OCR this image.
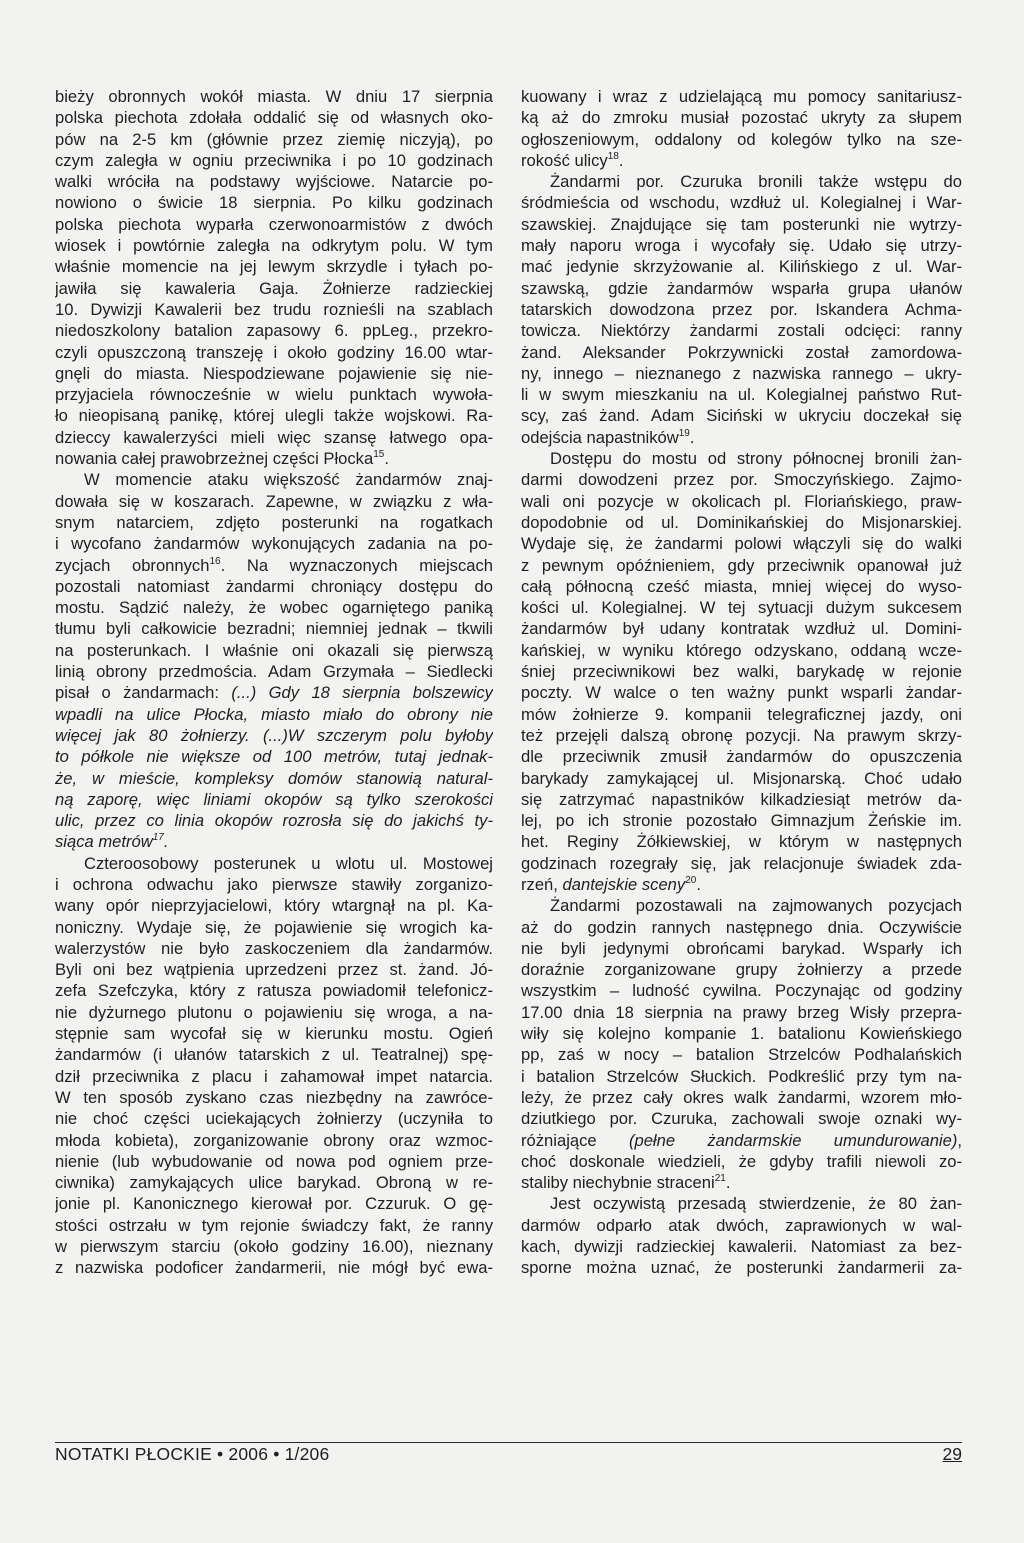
bieży obronnych wokół miasta. W dniu 17 sierpnia
polska piechota zdołała oddalić się od własnych oko-
pów na 2-5 km (głównie przez ziemię niczyją), po
czym zaległa w ogniu przeciwnika i po 10 godzinach
walki wróciła na podstawy wyjściowe. Natarcie po-
nowiono o świcie 18 sierpnia. Po kilku godzinach
polska piechota wyparła czerwonoarmistów z dwóch
wiosek i powtórnie zaległa na odkrytym polu. W tym
właśnie momencie na jej lewym skrzydle i tyłach po-
jawiła się kawaleria Gaja. Żołnierze radzieckiej
10. Dywizji Kawalerii bez trudu roznieśli na szablach
niedoszkolony batalion zapasowy 6. ppLeg., przekro-
czyli opuszczoną transzeję i około godziny 16.00 wtar-
gnęli do miasta. Niespodziewane pojawienie się nie-
przyjaciela równocześnie w wielu punktach wywoła-
ło nieopisaną panikę, której ulegli także wojskowi. Ra-
dzieccy kawalerzyści mieli więc szansę łatwego opa-
nowania całej prawobrzeżnej części Płocka$^{15}$.
W momencie ataku większość żandarmów znaj-
dowała się w koszarach. Zapewne, w związku z wła-
snym natarciem, zdjęto posterunki na rogatkach
i wycofano żandarmów wykonujących zadania na po-
zycjach obronnych$^{16}$. Na wyznaczonych miejscach
pozostali natomiast żandarmi chroniący dostępu do
mostu. Sądzić należy, że wobec ogarniętego paniką
tłumu byli całkowicie bezradni; niemniej jednak – tkwili
na posterunkach. I właśnie oni okazali się pierwszą
linią obrony przedmościa. Adam Grzymała – Siedlecki
pisał o żandarmach: (...) Gdy 18 sierpnia bolszewicy
wpadli na ulice Płocka, miasto miało do obrony nie
więcej jak 80 żołnierzy. (...)W szczerym polu byłoby
to półkole nie większe od 100 metrów, tutaj jednak-
że, w mieście, kompleksy domów stanowią natural-
ną zaporę, więc liniami okopów są tylko szerokości
ulic, przez co linia okopów rozrosła się do jakichś ty-
siąca metrów$^{17}$.
Czteroosobowy posterunek u wlotu ul. Mostowej
i ochrona odwachu jako pierwsze stawiły zorganizo-
wany opór nieprzyjacielowi, który wtargnął na pl. Ka-
noniczny. Wydaje się, że pojawienie się wrogich ka-
walerzystów nie było zaskoczeniem dla żandarmów.
Byli oni bez wątpienia uprzedzeni przez st. żand. Jó-
zefa Szefczyka, który z ratusza powiadomił telefonicz-
nie dyżurnego plutonu o pojawieniu się wroga, a na-
stępnie sam wycofał się w kierunku mostu. Ogień
żandarmów (i ułanów tatarskich z ul. Teatralnej) spę-
dził przeciwnika z placu i zahamował impet natarcia.
W ten sposób zyskano czas niezbędny na zawróce-
nie choć części uciekających żołnierzy (uczyniła to
młoda kobieta), zorganizowanie obrony oraz wzmoc-
nienie (lub wybudowanie od nowa pod ogniem prze-
ciwnika) zamykających ulice barykad. Obroną w re-
jonie pl. Kanonicznego kierował por. Czzuruk. O gę-
stości ostrzału w tym rejonie świadczy fakt, że ranny
w pierwszym starciu (około godziny 16.00), nieznany
z nazwiska podoficer żandarmerii, nie mógł być ewa-
kuowany i wraz z udzielającą mu pomocy sanitariusz-
ką aż do zmroku musiał pozostać ukryty za słupem
ogłoszeniowym, oddalony od kolegów tylko na sze-
rokość ulicy$^{18}$.
Żandarmi por. Czuruka bronili także wstępu do
śródmieścia od wschodu, wzdłuż ul. Kolegialnej i War-
szawskiej. Znajdujące się tam posterunki nie wytrzy-
mały naporu wroga i wycofały się. Udało się utrzy-
mać jedynie skrzyżowanie al. Kilińskiego z ul. War-
szawską, gdzie żandarmów wsparła grupa ułanów
tatarskich dowodzona przez por. Iskandera Achma-
towicza. Niektórzy żandarmi zostali odcięci: ranny
żand. Aleksander Pokrzywnicki został zamordowa-
ny, innego – nieznanego z nazwiska rannego – ukry-
li w swym mieszkaniu na ul. Kolegialnej państwo Rut-
scy, zaś żand. Adam Siciński w ukryciu doczekał się
odejścia napastników$^{19}$.
Dostępu do mostu od strony północnej bronili żan-
darmi dowodzeni przez por. Smoczyńskiego. Zajmo-
wali oni pozycje w okolicach pl. Floriańskiego, praw-
dopodobnie od ul. Dominikańskiej do Misjonarskiej.
Wydaje się, że żandarmi polowi włączyli się do walki
z pewnym opóźnieniem, gdy przeciwnik opanował już
całą północną cześć miasta, mniej więcej do wyso-
kości ul. Kolegialnej. W tej sytuacji dużym sukcesem
żandarmów był udany kontratak wzdłuż ul. Domini-
kańskiej, w wyniku którego odzyskano, oddaną wcze-
śniej przeciwnikowi bez walki, barykadę w rejonie
poczty. W walce o ten ważny punkt wsparli żandar-
mów żołnierze 9. kompanii telegraficznej jazdy, oni
też przejęli dalszą obronę pozycji. Na prawym skrzy-
dle przeciwnik zmusił żandarmów do opuszczenia
barykady zamykającej ul. Misjonarską. Choć udało
się zatrzymać napastników kilkadziesiąt metrów da-
lej, po ich stronie pozostało Gimnazjum Żeńskie im.
het. Reginy Żółkiewskiej, w którym w następnych
godzinach rozegrały się, jak relacjonuje świadek zda-
rzeń, dantejskie sceny$^{20}$.
Żandarmi pozostawali na zajmowanych pozycjach
aż do godzin rannych następnego dnia. Oczywiście
nie byli jedynymi obrońcami barykad. Wsparły ich
doraźnie zorganizowane grupy żołnierzy a przede
wszystkim – ludność cywilna. Poczynając od godziny
17.00 dnia 18 sierpnia na prawy brzeg Wisły przepra-
wiły się kolejno kompanie 1. batalionu Kowieńskiego
pp, zaś w nocy – batalion Strzelców Podhalańskich
i batalion Strzelców Słuckich. Podkreślić przy tym na-
leży, że przez cały okres walk żandarmi, wzorem mło-
dziutkiego por. Czuruka, zachowali swoje oznaki wy-
różniające (pełne żandarmskie umundurowanie),
choć doskonale wiedzieli, że gdyby trafili niewoli zo-
staliby niechybnie straceni$^{21}$.
Jest oczywistą przesadą stwierdzenie, że 80 żan-
darmów odparło atak dwóch, zaprawionych w wal-
kach, dywizji radzieckiej kawalerii. Natomiast za bez-
sporne można uznać, że posterunki żandarmerii za-
NOTATKI PŁOCKIE • 2006 • 1/206	29
